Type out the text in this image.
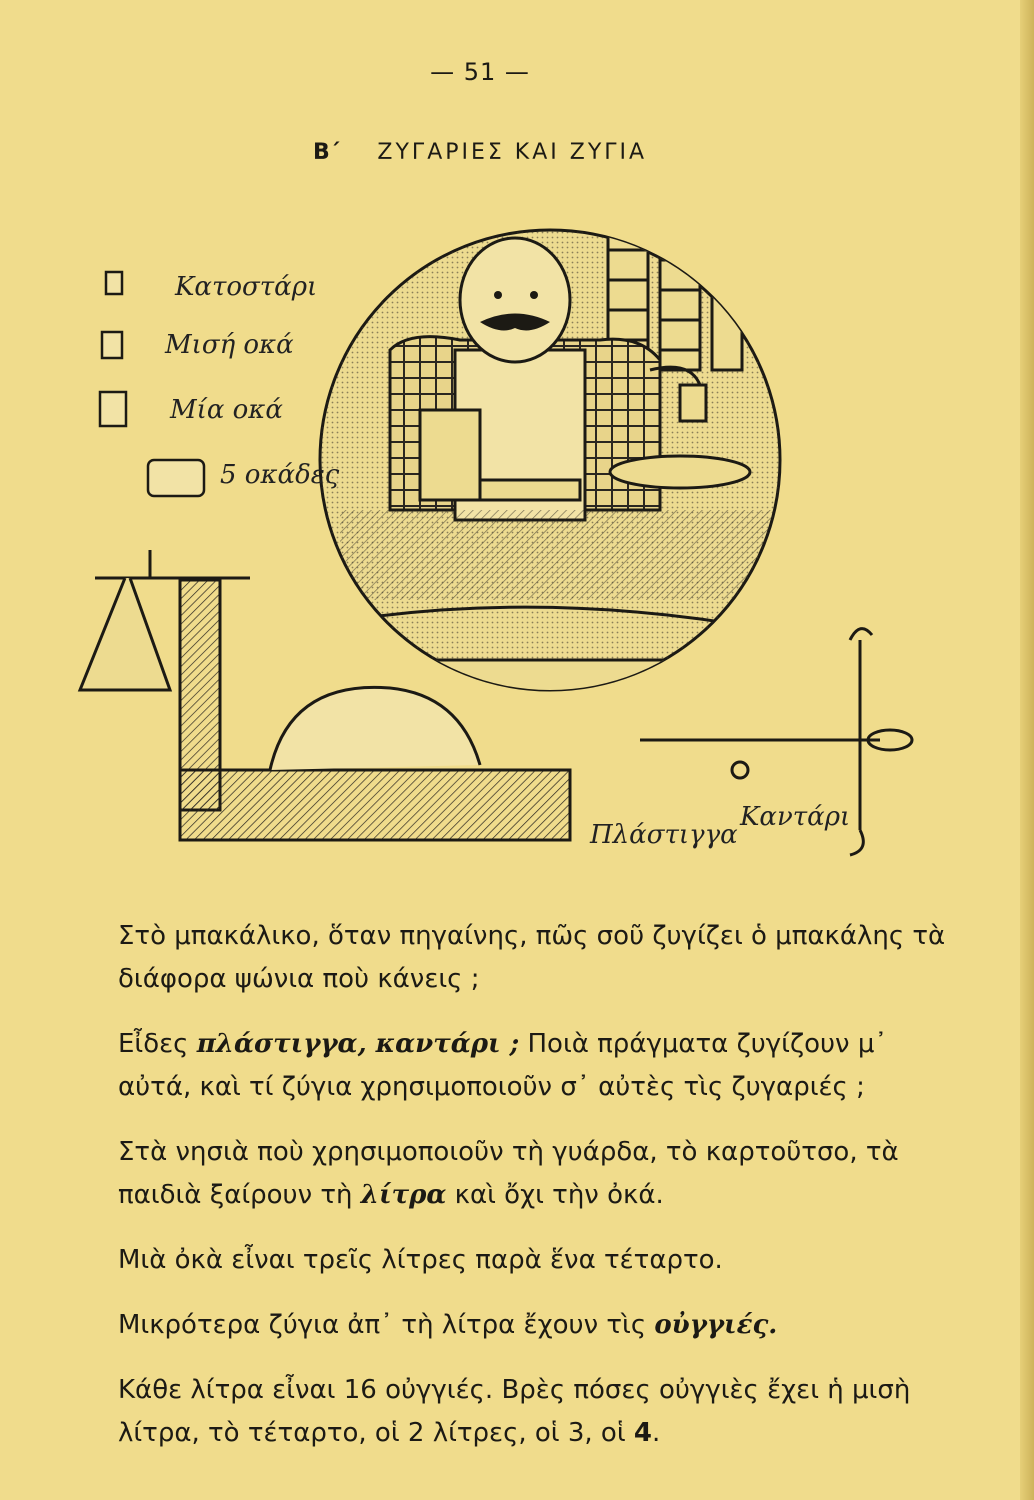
— 51 —
Β΄ ΖΥΓΑΡΙΕΣ ΚΑΙ ΖΥΓΙΑ
Κατοστάρι
Μισή οκά
Μία οκά
5 οκάδες
Πλάστιγγα
Καντάρι

Στὸ μπακάλικο, ὅταν πηγαίνης, πῶς σοῦ ζυγίζει ὁ μπακάλης τὰ διάφορα ψώνια ποὺ κάνεις ;

Εἶδες πλάστιγγα, καντάρι ; Ποιὰ πράγματα ζυγίζουν μ᾽ αὐτά, καὶ τί ζύγια χρησιμοποιοῦν σ᾽ αὐτὲς τὶς ζυγαριές ;

Στὰ νησιὰ ποὺ χρησιμοποιοῦν τὴ γυάρδα, τὸ καρτοῦτσο, τὰ παιδιὰ ξαίρουν τὴ λίτρα καὶ ὄχι τὴν ὀκά.

Μιὰ ὀκὰ εἶναι τρεῖς λίτρες παρὰ ἕνα τέταρτο.

Μικρότερα ζύγια ἀπ᾽ τὴ λίτρα ἔχουν τὶς οὐγγιές.

Κάθε λίτρα εἶναι 16 οὐγγιές. Βρὲς πόσες οὐγγιὲς ἔχει ἡ μισὴ λίτρα, τὸ τέταρτο, οἱ 2 λίτρες, οἱ 3, οἱ 4.
